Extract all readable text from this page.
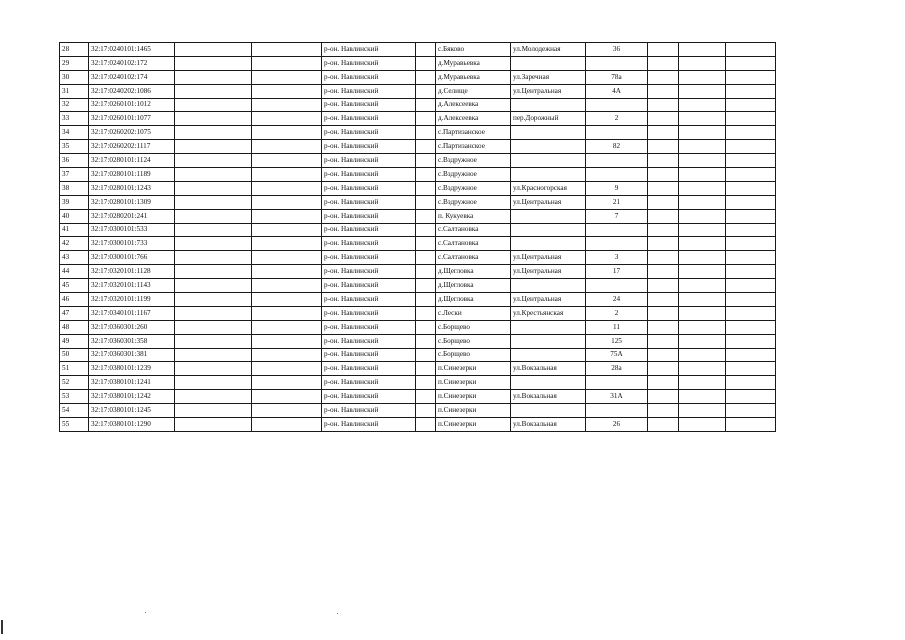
28	32:17:0240101:1465			р-он. Навлинский		с.Бяково	ул.Молодежная	36			
29	32:17:0240102:172			р-он. Навлинский		д.Муравьевка					
30	32:17:0240102:174			р-он. Навлинский		д.Муравьевка	ул.Заречная	78а			
31	32:17:0240202:1086			р-он. Навлинский		д.Селище	ул.Центральная	4А			
32	32:17:0260101:1012			р-он. Навлинский		д.Алексеевка					
33	32:17:0260101:1077			р-он. Навлинский		д.Алексеевка	пер.Дорожный	2			
34	32:17:0260202:1075			р-он. Навлинский		с.Партизанское					
35	32:17:0260202:1117			р-он. Навлинский		с.Партизанское		82			
36	32:17:0280101:1124			р-он. Навлинский		с.Вздружное					
37	32:17:0280101:1189			р-он. Навлинский		с.Вздружное					
38	32:17:0280101:1243			р-он. Навлинский		с.Вздружное	ул.Красногорская	9			
39	32:17:0280101:1309			р-он. Навлинский		с.Вздружное	ул.Центральная	21			
40	32:17:0280201:241			р-он. Навлинский		п. Кукуевка		7			
41	32:17:0300101:533			р-он. Навлинский		с.Салтановка					
42	32:17:0300101:733			р-он. Навлинский		с.Салтановка					
43	32:17:0300101:766			р-он. Навлинский		с.Салтановка	ул.Центральная	3			
44	32:17:0320101:1128			р-он. Навлинский		д.Щегловка	ул.Центральная	17			
45	32:17:0320101:1143			р-он. Навлинский		д.Щегловка					
46	32:17:0320101:1199			р-он. Навлинский		д.Щегловка	ул.Центральная	24			
47	32:17:0340101:1167			р-он. Навлинский		с.Лески	ул.Крестьянская	2			
48	32:17:0360301:260			р-он. Навлинский		с.Борщево		11			
49	32:17:0360301:358			р-он. Навлинский		с.Борщево		125			
50	32:17:0360301:381			р-он. Навлинский		с.Борщево		75А			
51	32:17:0380101:1239			р-он. Навлинский		п.Синезерки	ул.Вокзальная	28а			
52	32:17:0380101:1241			р-он. Навлинский		п.Синезерки					
53	32:17:0380101:1242			р-он. Навлинский		п.Синезерки	ул.Вокзальная	31А			
54	32:17:0380101:1245			р-он. Навлинский		п.Синезерки					
55	32:17:0380101:1290			р-он. Навлинский		п.Синезерки	ул.Вокзальная	26			
